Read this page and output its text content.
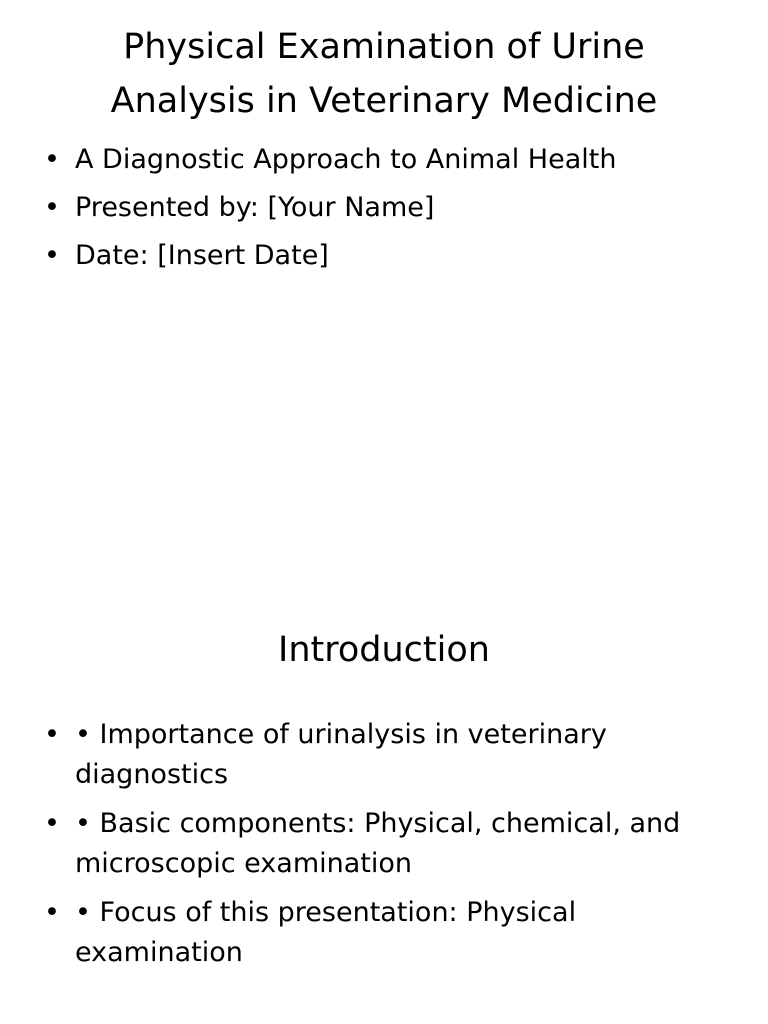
Physical Examination of Urine
Analysis in Veterinary Medicine
• A Diagnostic Approach to Animal Health
• Presented by: [Your Name]
• Date: [Insert Date]
Introduction
• • Importance of urinalysis in veterinary diagnostics
• • Basic components: Physical, chemical, and microscopic examination
• • Focus of this presentation: Physical examination
